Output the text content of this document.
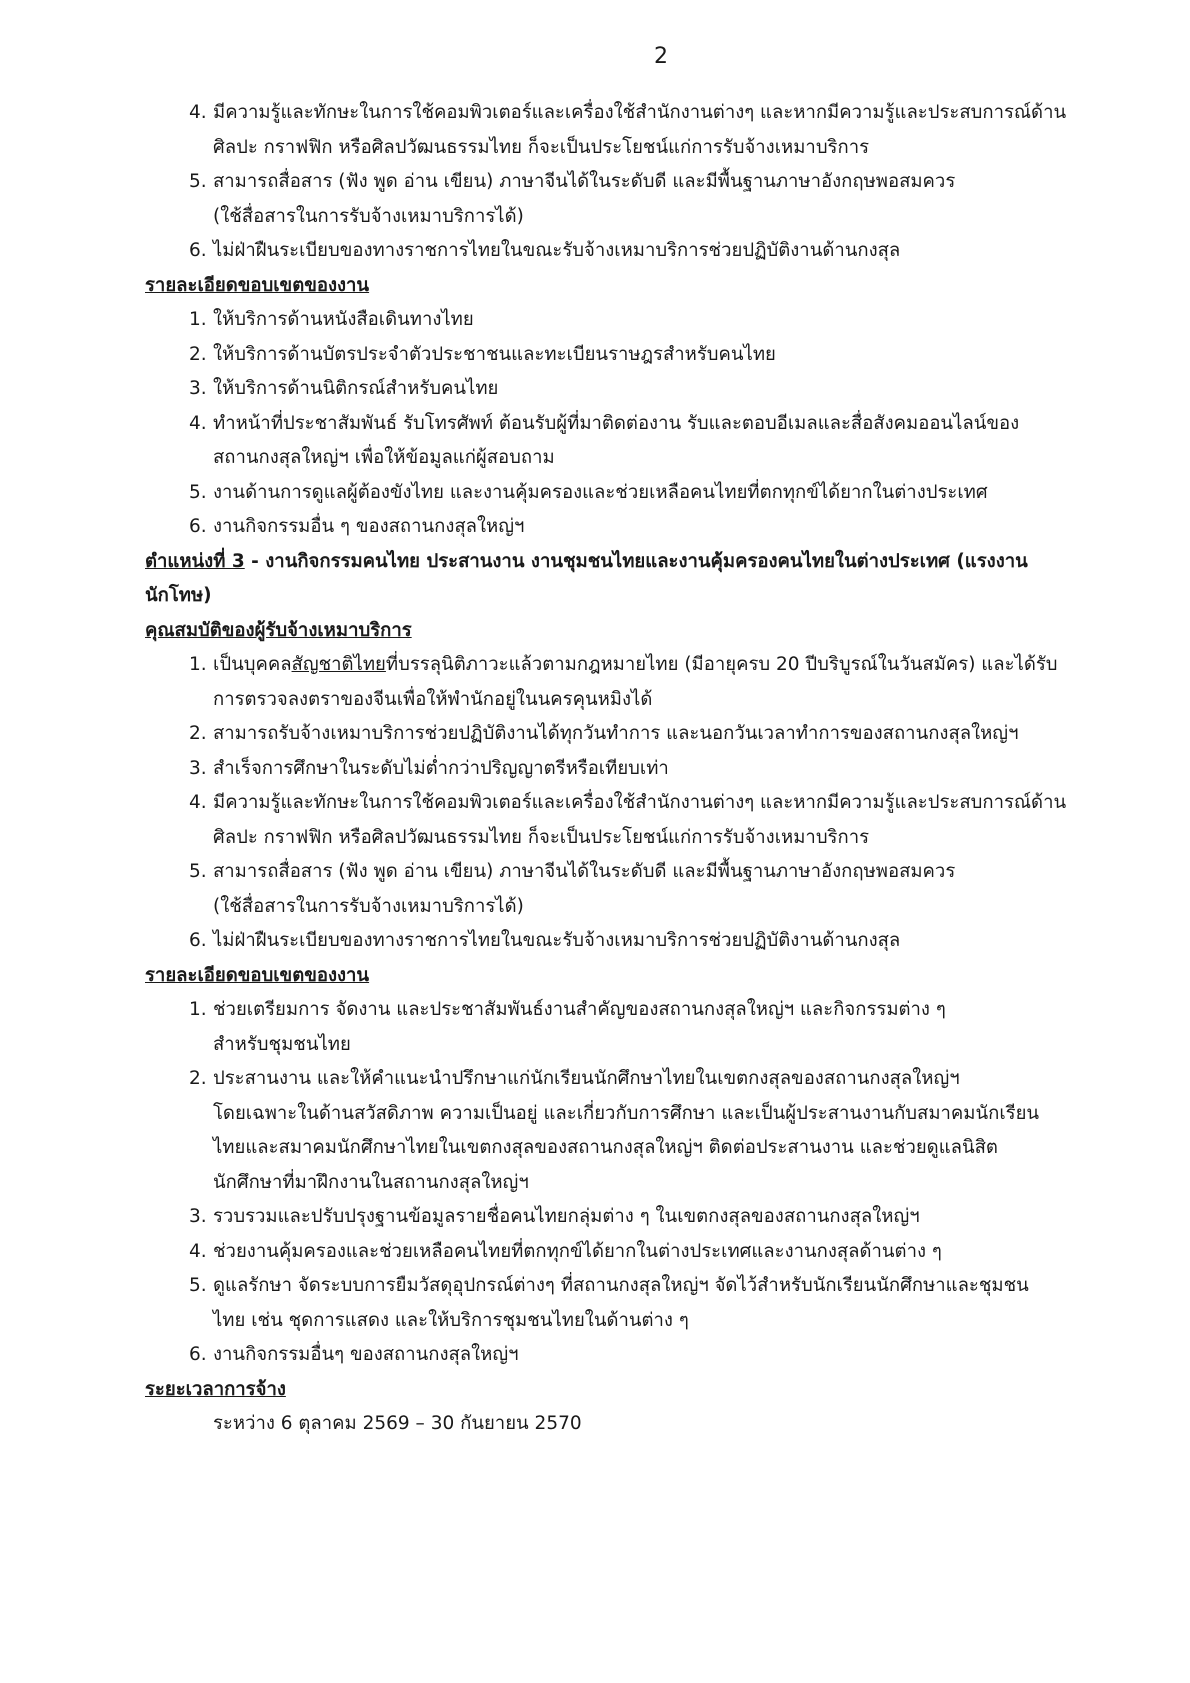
2
4. มีความรู้และทักษะในการใช้คอมพิวเตอร์และเครื่องใช้สำนักงานต่างๆ และหากมีความรู้และประสบการณ์ด้าน
ศิลปะ กราฟฟิก หรือศิลปวัฒนธรรมไทย ก็จะเป็นประโยชน์แก่การรับจ้างเหมาบริการ
5. สามารถสื่อสาร (ฟัง พูด อ่าน เขียน) ภาษาจีนได้ในระดับดี และมีพื้นฐานภาษาอังกฤษพอสมควร
(ใช้สื่อสารในการรับจ้างเหมาบริการได้)
6. ไม่ฝ่าฝืนระเบียบของทางราชการไทยในขณะรับจ้างเหมาบริการช่วยปฏิบัติงานด้านกงสุล

รายละเอียดขอบเขตของงาน

1. ให้บริการด้านหนังสือเดินทางไทย
2. ให้บริการด้านบัตรประจำตัวประชาชนและทะเบียนราษฎรสำหรับคนไทย
3. ให้บริการด้านนิติกรณ์สำหรับคนไทย
4. ทำหน้าที่ประชาสัมพันธ์ รับโทรศัพท์ ต้อนรับผู้ที่มาติดต่องาน รับและตอบอีเมลและสื่อสังคมออนไลน์ของ
สถานกงสุลใหญ่ฯ เพื่อให้ข้อมูลแก่ผู้สอบถาม
5. งานด้านการดูแลผู้ต้องขังไทย และงานคุ้มครองและช่วยเหลือคนไทยที่ตกทุกข์ได้ยากในต่างประเทศ
6. งานกิจกรรมอื่น ๆ ของสถานกงสุลใหญ่ฯ

ตำแหน่งที่ 3 - งานกิจกรรมคนไทย ประสานงาน งานชุมชนไทยและงานคุ้มครองคนไทยในต่างประเทศ (แรงงาน
นักโทษ)

คุณสมบัติของผู้รับจ้างเหมาบริการ

1. เป็นบุคคลสัญชาติไทยที่บรรลุนิติภาวะแล้วตามกฎหมายไทย (มีอายุครบ 20 ปีบริบูรณ์ในวันสมัคร) และได้รับ
การตรวจลงตราของจีนเพื่อให้พำนักอยู่ในนครคุนหมิงได้
2. สามารถรับจ้างเหมาบริการช่วยปฏิบัติงานได้ทุกวันทำการ และนอกวันเวลาทำการของสถานกงสุลใหญ่ฯ
3. สำเร็จการศึกษาในระดับไม่ต่ำกว่าปริญญาตรีหรือเทียบเท่า
4. มีความรู้และทักษะในการใช้คอมพิวเตอร์และเครื่องใช้สำนักงานต่างๆ และหากมีความรู้และประสบการณ์ด้าน
ศิลปะ กราฟฟิก หรือศิลปวัฒนธรรมไทย ก็จะเป็นประโยชน์แก่การรับจ้างเหมาบริการ
5. สามารถสื่อสาร (ฟัง พูด อ่าน เขียน) ภาษาจีนได้ในระดับดี และมีพื้นฐานภาษาอังกฤษพอสมควร
(ใช้สื่อสารในการรับจ้างเหมาบริการได้)
6. ไม่ฝ่าฝืนระเบียบของทางราชการไทยในขณะรับจ้างเหมาบริการช่วยปฏิบัติงานด้านกงสุล

รายละเอียดขอบเขตของงาน

1. ช่วยเตรียมการ จัดงาน และประชาสัมพันธ์งานสำคัญของสถานกงสุลใหญ่ฯ และกิจกรรมต่าง ๆ
สำหรับชุมชนไทย
2. ประสานงาน และให้คำแนะนำปรึกษาแก่นักเรียนนักศึกษาไทยในเขตกงสุลของสถานกงสุลใหญ่ฯ
โดยเฉพาะในด้านสวัสดิภาพ ความเป็นอยู่ และเกี่ยวกับการศึกษา และเป็นผู้ประสานงานกับสมาคมนักเรียน
ไทยและสมาคมนักศึกษาไทยในเขตกงสุลของสถานกงสุลใหญ่ฯ ติดต่อประสานงาน และช่วยดูแลนิสิต
นักศึกษาที่มาฝึกงานในสถานกงสุลใหญ่ฯ
3. รวบรวมและปรับปรุงฐานข้อมูลรายชื่อคนไทยกลุ่มต่าง ๆ ในเขตกงสุลของสถานกงสุลใหญ่ฯ
4. ช่วยงานคุ้มครองและช่วยเหลือคนไทยที่ตกทุกข์ได้ยากในต่างประเทศและงานกงสุลด้านต่าง ๆ
5. ดูแลรักษา จัดระบบการยืมวัสดุอุปกรณ์ต่างๆ ที่สถานกงสุลใหญ่ฯ จัดไว้สำหรับนักเรียนนักศึกษาและชุมชน
ไทย เช่น ชุดการแสดง และให้บริการชุมชนไทยในด้านต่าง ๆ
6. งานกิจกรรมอื่นๆ ของสถานกงสุลใหญ่ฯ

ระยะเวลาการจ้าง

ระหว่าง 6 ตุลาคม 2569 – 30 กันยายน 2570
